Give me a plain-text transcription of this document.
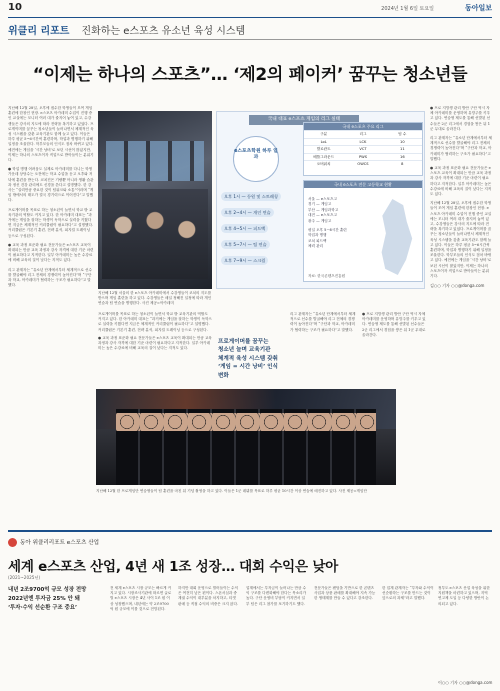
10	2024년 1월 6일 토요일	동아일보
위클리 리포트 진화하는 e스포츠 유소년 육성 시스템
“이제는 하나의 스포츠”… ‘제2의 페이커’ 꿈꾸는 청소년들
지난해 12월 28일, 오후에 접수한 학생들이 모여 게임 훈련에 한창인 현장. e스포츠 아카데미 수업이 진행 중인 교실에는 모니터 여러 대가 줄지어 놓여 있고, 수강생들은 강사의 지도에 따라 전략을 복기하고 있었다. 프로게이머를 꿈꾸는 청소년들이 늘어나면서 체계적인 육성 시스템을 갖춘 교육기관도 함께 늘고 있다. 이들은 하루 평균 5~6시간씩 훈련하며, 학업과 병행하기 위해 일정을 조율한다. 학부모들의 인식도 점차 바뀌고 있다. 예전에는 게임을 ‘시간 낭비’로 보던 시선이 많았지만, 이제는 하나의 스포츠이자 직업으로 받아들이는 분위기다.
● 학업 병행 어려움도 실제로 아카데미를 다니는 학생 가운데 상당수는 오전에는 학교 수업을 듣고 오후와 저녁에 훈련을 받는다. 코치진은 기량뿐 아니라 생활 습관과 정신 건강 관리에도 신경을 쓴다고 설명했다. 한 강사는 “실력만큼 중요한 것이 팀워크와 소통”이라며 “게임 밖에서의 태도가 결국 경기력으로 이어진다”고 말했다.
프로게이머를 목표로 하는 청소년이 늘면서 학교 밖 교육기관의 역할도 커지고 있다. 한 아카데미 대표는 “과거에는 게임을 잘하는 학생이 독학으로 실력을 키웠다면 지금은 체계적인 커리큘럼이 필요하다”고 설명했다. 커리큘럼은 기본기 훈련, 전략 분석, 피지컬 트레이닝 등으로 구성된다.
● 교육 과정 표준화 필요 전문가들은 e스포츠 교육이 확대되는 만큼 교육 과정과 강사 자격에 대한 기준 마련이 필요하다고 지적한다. 일부 아카데미는 높은 수강료에 비해 교육의 질이 낮다는 지적도 있다.
리그 관계자는 “유소년 단계에서부터 체계적으로 선수를 발굴해야 리그 전체의 경쟁력이 높아진다”며 “구단과 학교, 아카데미가 협력하는 구조가 필요하다”고 말했다.
지난해 12월 서울의 한 e스포츠 아카데미에서 수강생들이 코치의 지도를 받으며 게임 훈련을 하고 있다. 수강생들은 매일 정해진 일정에 따라 개인 연습과 팀 연습을 병행한다. 사진 제공=아카데미
국내 대표 e스포츠 게임의 리그 실태
e스포츠학원 하루 일과
오후 1시 — 등원 및 스트레칭
오후 2~4시 — 개인 연습
오후 4~5시 — 피드백
오후 5~7시 — 팀 연습
오후 7~9시 — 스크림
국내 e스포츠 주요 리그
구분	리그	팀 수
LoL	LCK	10
발로란트	VCT	11
배틀그라운드	PWS	16
오버워치	OWCS	8
국내 e스포츠 전문 고등학교 현황
서울 — e스포츠고
경기 — 게임고
부산 — 게임과학고
대전 — e스포츠고
광주 — 게임고
평일 오후 5~6시간 훈련
학업과 병행
코치 피드백
체력 관리
자료: 한국콘텐츠진흥원
프로게이머를 목표로 하는 청소년이 늘면서 학교 밖 교육기관의 역할도 커지고 있다. 한 아카데미 대표는 “과거에는 게임을 잘하는 학생이 독학으로 실력을 키웠다면 지금은 체계적인 커리큘럼이 필요하다”고 설명했다. 커리큘럼은 기본기 훈련, 전략 분석, 피지컬 트레이닝 등으로 구성된다.
● 교육 과정 표준화 필요 전문가들은 e스포츠 교육이 확대되는 만큼 교육 과정과 강사 자격에 대한 기준 마련이 필요하다고 지적한다. 일부 아카데미는 높은 수강료에 비해 교육의 질이 낮다는 지적도 있다.
프로게이머를 꿈꾸는
청소년 늘며 교육기관
체계적 육성 시스템 갖춰
‘게임 = 시간 낭비’ 인식 변화
리그 관계자는 “유소년 단계에서부터 체계적으로 선수를 발굴해야 리그 전체의 경쟁력이 높아진다”며 “구단과 학교, 아카데미가 협력하는 구조가 필요하다”고 말했다.
● 프로 지망생 관리 방안 구단 역시 자체 아카데미를 운영하며 유망주를 키우고 있다. 연습생 제도를 통해 선발된 선수들은 2군 리그에서 경험을 쌓은 뒤 1군 무대로 올라간다.
● 프로 지망생 관리 방안 구단 역시 자체 아카데미를 운영하며 유망주를 키우고 있다. 연습생 제도를 통해 선발된 선수들은 2군 리그에서 경험을 쌓은 뒤 1군 무대로 올라간다.
리그 관계자는 “유소년 단계에서부터 체계적으로 선수를 발굴해야 리그 전체의 경쟁력이 높아진다”며 “구단과 학교, 아카데미가 협력하는 구조가 필요하다”고 말했다.
● 교육 과정 표준화 필요 전문가들은 e스포츠 교육이 확대되는 만큼 교육 과정과 강사 자격에 대한 기준 마련이 필요하다고 지적한다. 일부 아카데미는 높은 수강료에 비해 교육의 질이 낮다는 지적도 있다.
지난해 12월 28일, 오후에 접수한 학생들이 모여 게임 훈련에 한창인 현장. e스포츠 아카데미 수업이 진행 중인 교실에는 모니터 여러 대가 줄지어 놓여 있고, 수강생들은 강사의 지도에 따라 전략을 복기하고 있었다. 프로게이머를 꿈꾸는 청소년들이 늘어나면서 체계적인 육성 시스템을 갖춘 교육기관도 함께 늘고 있다. 이들은 하루 평균 5~6시간씩 훈련하며, 학업과 병행하기 위해 일정을 조율한다. 학부모들의 인식도 점차 바뀌고 있다. 예전에는 게임을 ‘시간 낭비’로 보던 시선이 많았지만, 이제는 하나의 스포츠이자 직업으로 받아들이는 분위기다.
김○○ 기자 ○○@donga.com
지난해 12월 한 프로게임단 연습생들이 팀 훈련을 마친 뒤 기념 촬영을 하고 있다. 이들은 1군 데뷔를 목표로 하루 평균 10시간 이상 연습에 매진하고 있다. 사진 제공=게임단
동아 위클리리포트 e스포츠 산업
세계 e스포츠 산업, 4년 새 1조 성장… 대회 수익은 낮아
(2021~2025년)
내년 2조9700억 규모 성장 전망
2022년엔 투자금 25% 안 돼
‘투자·수익 선순환 구조 중요’
전 세계 e스포츠 시장 규모는 빠르게 커지고 있다. 시장조사기관에 따르면 글로벌 e스포츠 시장은 4년 사이 1조 원 이상 성장했으며, 내년에는 약 2조9700억 원 규모에 이를 것으로 전망된다.
하지만 대회 운영으로 벌어들이는 수익은 여전히 낮은 편이다. 스폰서십과 중계권 수익이 대부분을 차지하고, 티켓 판매 등 직접 수익의 비중은 크지 않다.
업계에서는 투자금이 늘어나는 만큼 수익 구조를 다변화해야 한다는 목소리가 높다. 구단 운영비 부담이 커지면서 일부 팀은 리그 참가를 포기하기도 했다.
전문가들은 팬덤을 기반으로 한 콘텐츠 사업과 상품 판매를 확대해야 지속 가능한 생태계를 만들 수 있다고 강조한다.
한 업계 관계자는 “투자와 수익이 선순환하는 구조를 만드는 것이 앞으로의 과제”라고 말했다.
정부도 e스포츠 산업 육성을 위한 지원책을 마련하고 있으며, 지역 연고제 도입 등 다양한 방안이 논의되고 있다.
이○○ 기자 ○○@donga.com
